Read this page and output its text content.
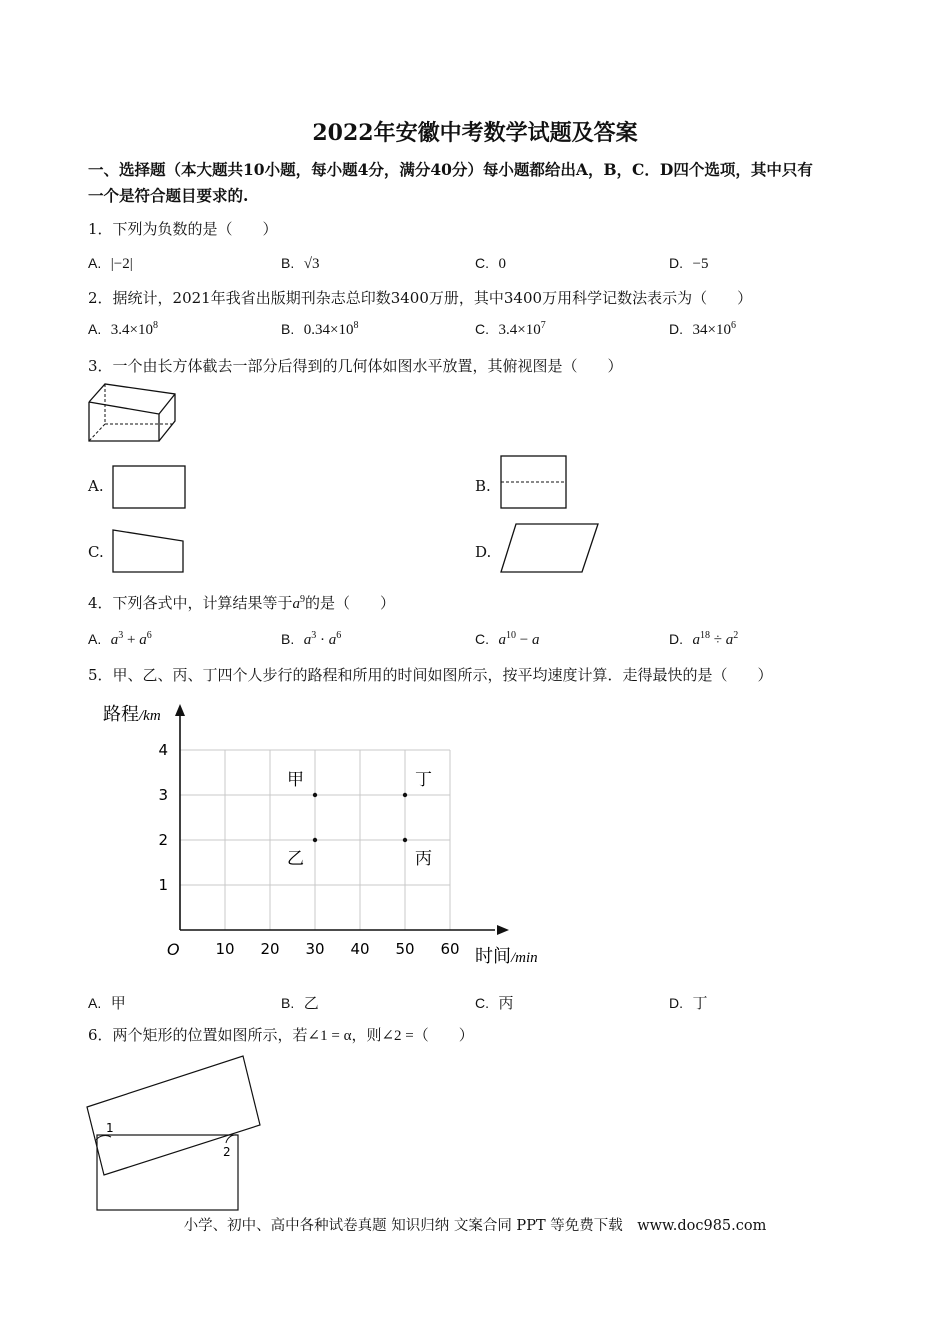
2022年安徽中考数学试题及答案
一、选择题（本大题共10小题，每小题4分，满分40分）每小题都给出A，B，C．D四个选项，其中只有
一个是符合题目要求的.
1．下列为负数的是（　　）
A. |−2|	B. √3	C. 0	D. −5
2．据统计，2021年我省出版期刊杂志总印数3400万册，其中3400万用科学记数法表示为（　　）
A. $3.4\times 10^8$	B. $0.34\times 10^8$	C. $3.4\times 10^7$	D. $34\times 10^6$
3．一个由长方体截去一部分后得到的几何体如图水平放置，其俯视图是（　　）
A.	B.
C.	D.
4．下列各式中，计算结果等于$a^9$的是（　　）
A. $a^3 + a^6$	B. $a^3 \cdot a^6$	C. $a^{10} - a$	D. $a^{18} \div a^2$
5．甲、乙、丙、丁四个人步行的路程和所用的时间如图所示，按平均速度计算．走得最快的是（　　）
路程/km
时间/min
O 10 20 30 40 50 60
1
2
3
4
甲
乙
丁
丙
A. 甲	B. 乙	C. 丙	D. 丁
6．两个矩形的位置如图所示，若∠1 = α，则∠2 =（　　）
1
2
小学、初中、高中各种试卷真题 知识归纳 文案合同 PPT 等免费下载　www.doc985.com
